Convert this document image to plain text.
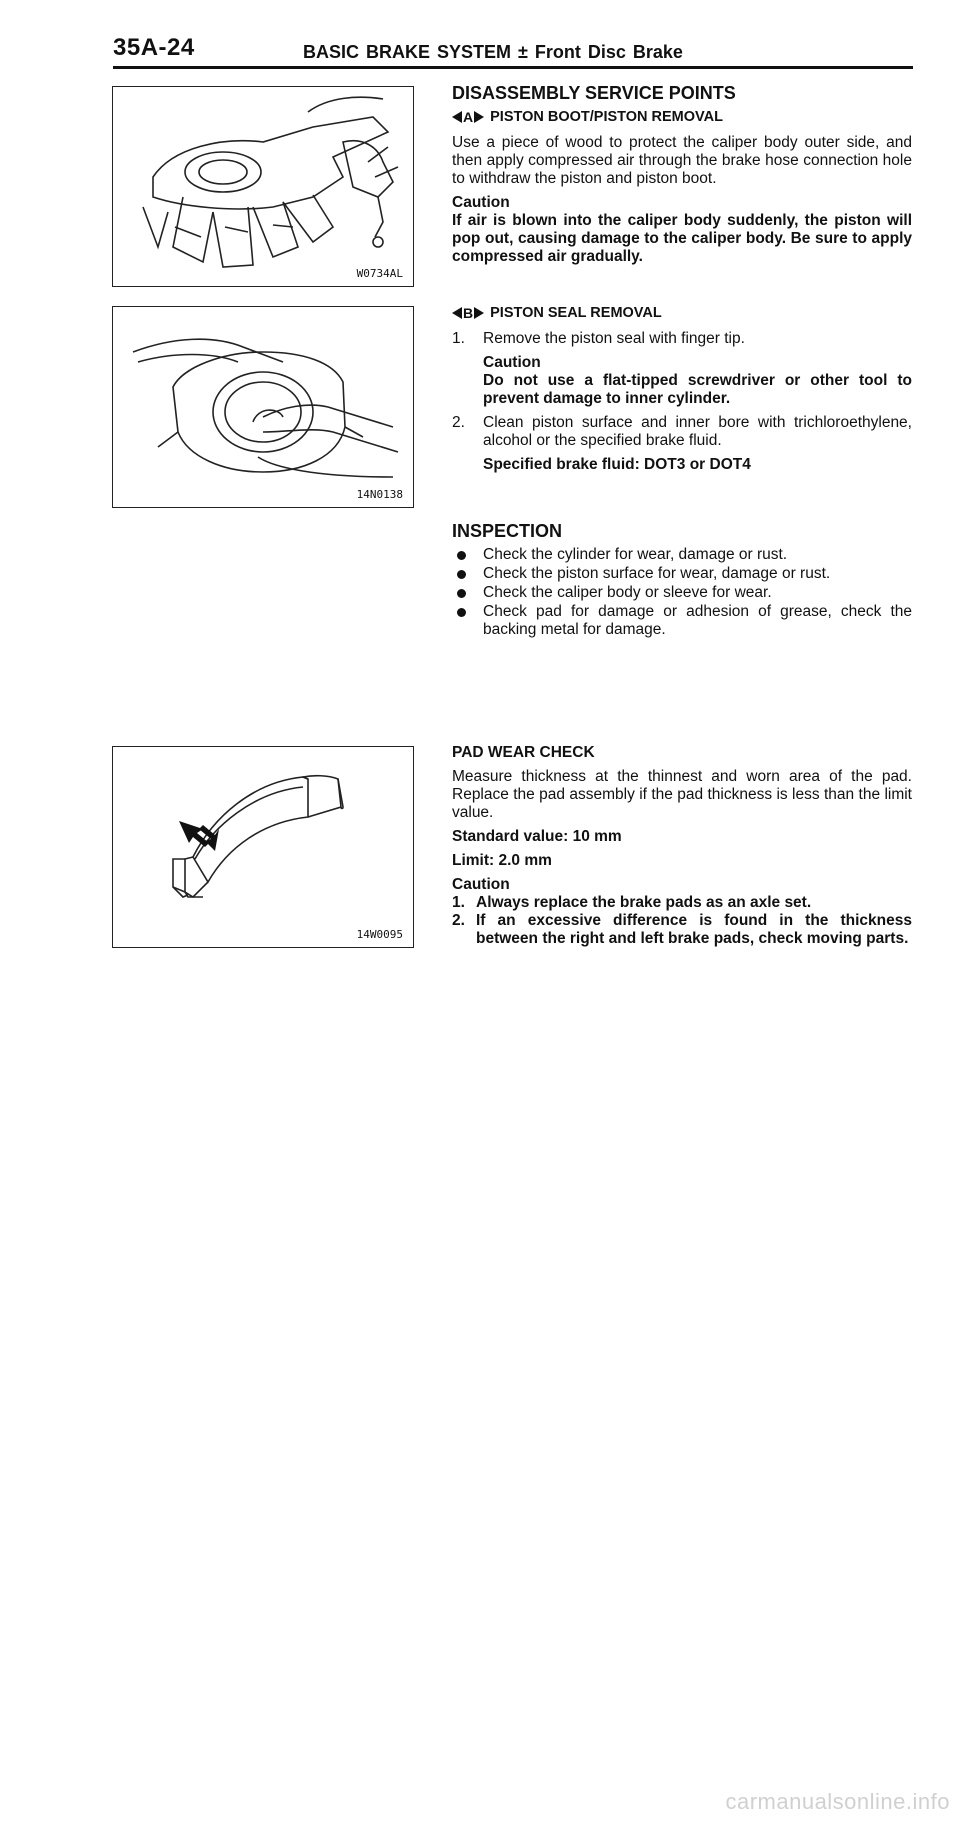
35A-24	BASIC BRAKE SYSTEM ± Front Disc Brake
W0734AL
14N0138
14W0095
DISASSEMBLY SERVICE POINTS
A PISTON BOOT/PISTON REMOVAL

Use a piece of wood to protect the caliper body outer side, and then apply compressed air through the brake hose connection hole to withdraw the piston and piston boot.

Caution

If air is blown into the caliper body suddenly, the piston will pop out, causing damage to the caliper body. Be sure to apply compressed air gradually.

B PISTON SEAL REMOVAL
1.	Remove the piston seal with finger tip.
Caution

Do not use a flat-tipped screwdriver or other tool to prevent damage to inner cylinder.

2.	Clean piston surface and inner bore with trichloroethylene, alcohol or the specified brake fluid.

Specified brake fluid: DOT3 or DOT4

INSPECTION
Check the cylinder for wear, damage or rust.
Check the piston surface for wear, damage or rust.
Check the caliper body or sleeve for wear.
Check pad for damage or adhesion of grease, check the backing metal for damage.
PAD WEAR CHECK

Measure thickness at the thinnest and worn area of the pad. Replace the pad assembly if the pad thickness is less than the limit value.

Standard value: 10 mm

Limit: 2.0 mm

Caution
1. Always replace the brake pads as an axle set.
2. If an excessive difference is found in the thickness between the right and left brake pads, check moving parts.
carmanualsonline.info
